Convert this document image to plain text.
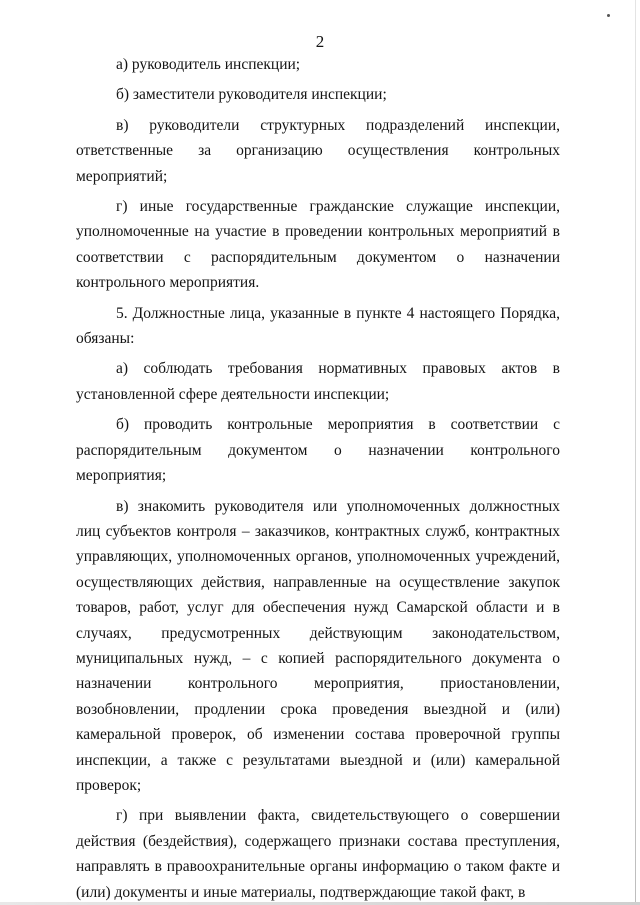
2

а) руководитель инспекции;

б) заместители руководителя инспекции;

в) руководители структурных подразделений инспекции, ответственные за организацию осуществления контрольных мероприятий;

г) иные государственные гражданские служащие инспекции, уполномоченные на участие в проведении контрольных мероприятий в соответствии с распорядительным документом о назначении контрольного мероприятия.

5. Должностные лица, указанные в пункте 4 настоящего Порядка, обязаны:

а) соблюдать требования нормативных правовых актов в установленной сфере деятельности инспекции;

б) проводить контрольные мероприятия в соответствии с распорядительным документом о назначении контрольного мероприятия;

в) знакомить руководителя или уполномоченных должностных лиц субъектов контроля – заказчиков, контрактных служб, контрактных управляющих, уполномоченных органов, уполномоченных учреждений, осуществляющих действия, направленные на осуществление закупок товаров, работ, услуг для обеспечения нужд Самарской области и в случаях, предусмотренных действующим законодательством, муниципальных нужд, – с копией распорядительного документа о назначении контрольного мероприятия, приостановлении, возобновлении, продлении срока проведения выездной и (или) камеральной проверок, об изменении состава проверочной группы инспекции, а также с результатами выездной и (или) камеральной проверок;

г) при выявлении факта, свидетельствующего о совершении действия (бездействия), содержащего признаки состава преступления, направлять в правоохранительные органы информацию о таком факте и (или) документы и иные материалы, подтверждающие такой факт, в
